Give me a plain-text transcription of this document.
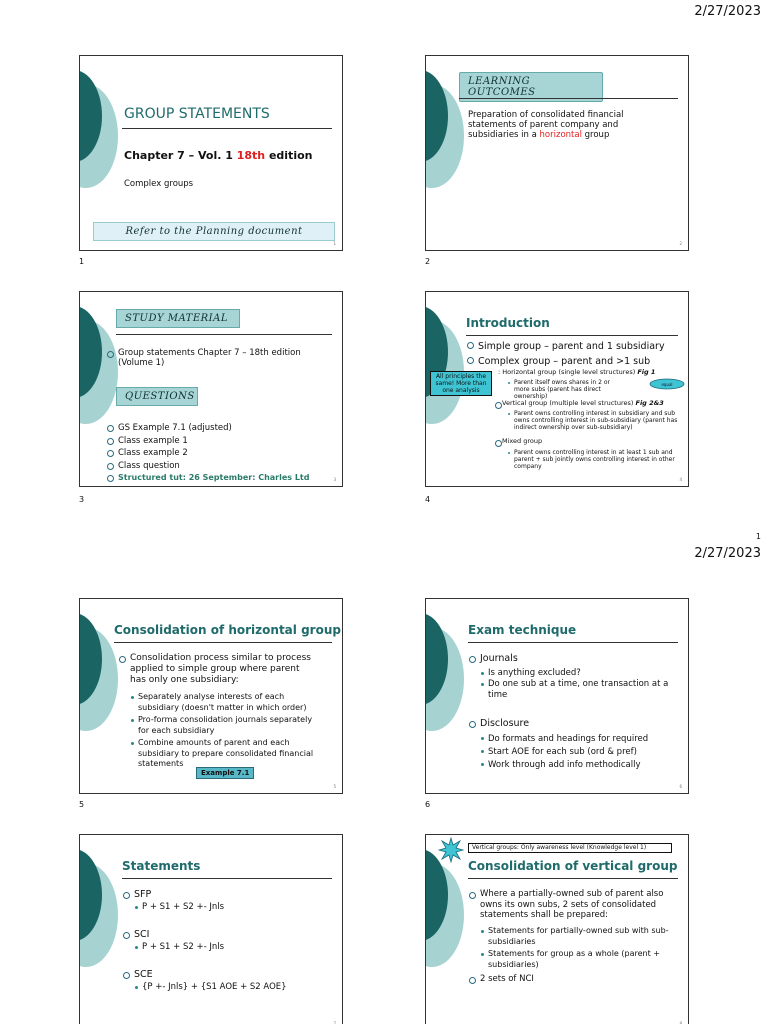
2/27/2023
GROUP STATEMENTS
Chapter 7 – Vol. 1 18th edition
Complex groups
Refer to the Planning document
1
1
LEARNING OUTCOMES
Preparation of consolidated financial statements of parent company and subsidiaries in a horizontal group
2
2
STUDY MATERIAL
Group statements Chapter 7 – 18th edition (Volume 1)
QUESTIONS
GS Example 7.1 (adjusted)
Class example 1
Class example 2
Class question
Structured tut: 26 September: Charles Ltd	3
3
Introduction
Simple group – parent and 1 subsidiary
Complex group – parent and >1 sub
: Horizontal group (single level structures) Fig 1
Parent itself owns shares in 2 or more subs (parent has direct ownership)
equal
Vertical group (multiple level structures) Fig 2&3
Parent owns controlling interest in subsidiary and sub owns controlling interest in sub-subsidiary (parent has indirect ownership over sub-subsidiary)
Mixed group
Parent owns controlling interest in at least 1 sub and parent + sub jointly owns controlling interest in other company
All principles the same! More than one analysis
4
4
1
2/27/2023
Consolidation of horizontal group
Consolidation process similar to process applied to simple group where parent has only one subsidiary:
Separately analyse interests of each subsidiary (doesn't matter in which order)
Pro-forma consolidation journals separately for each subsidiary
Combine amounts of parent and each subsidiary to prepare consolidated financial statements
Example 7.1
5
5
Exam technique
Journals
Is anything excluded?
Do one sub at a time, one transaction at a time
Disclosure
Do formats and headings for required
Start AOE for each sub (ord & pref)
Work through add info methodically
6
6
Statements
SFP
P + S1 + S2 +- Jnls
SCI
P + S1 + S2 +- Jnls
SCE
{P +- Jnls} + {S1 AOE + S2 AOE}
7
Vertical groups: Only awareness level (Knowledge level 1)
Consolidation of vertical group
Where a partially-owned sub of parent also owns its own subs, 2 sets of consolidated statements shall be prepared:
Statements for partially-owned sub with sub-subsidiaries
Statements for group as a whole (parent + subsidiaries)
2 sets of NCI
8
